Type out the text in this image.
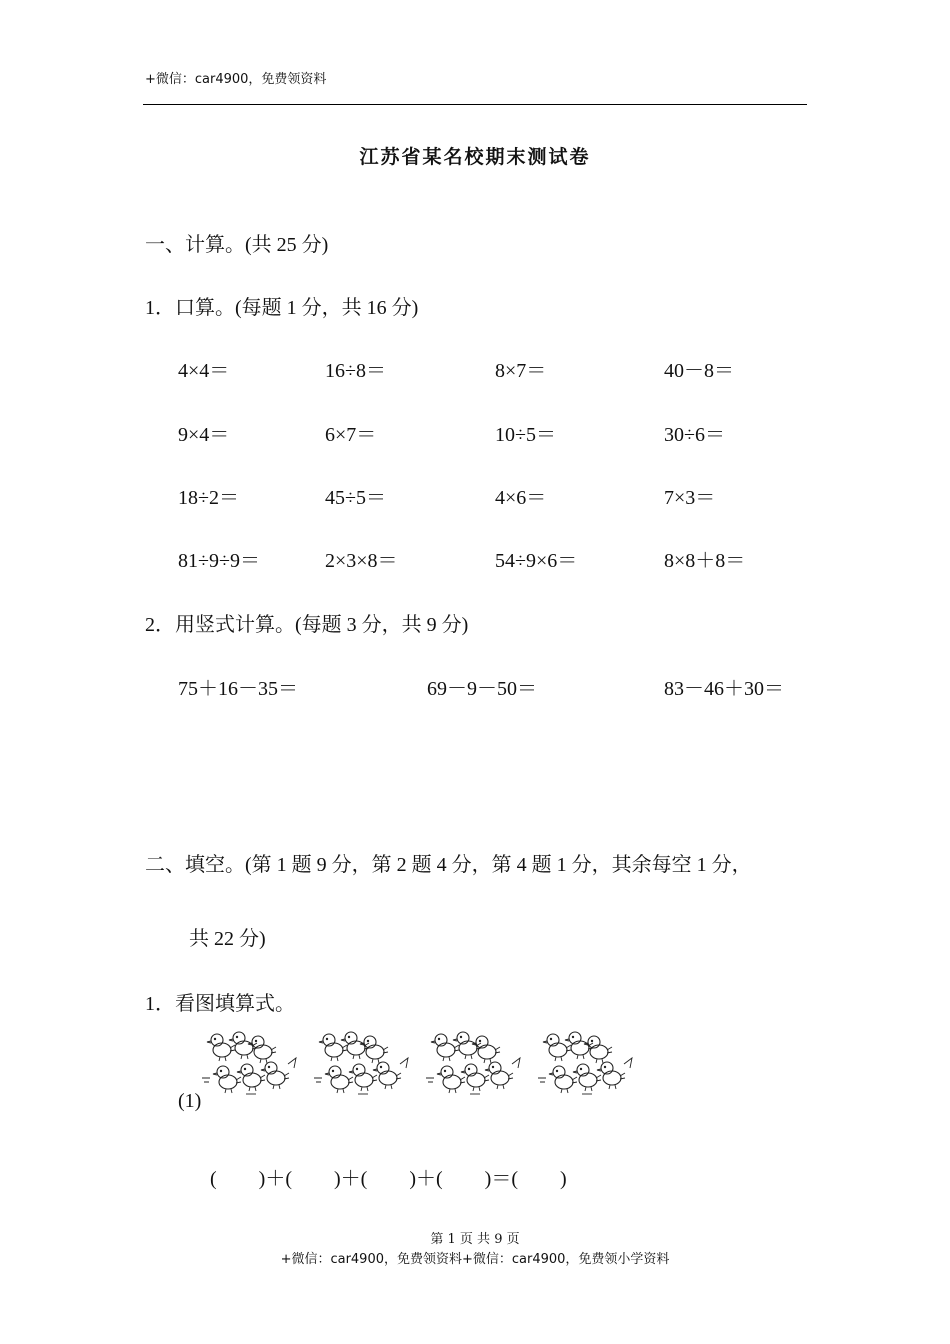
+微信：car4900，免费领资料
江苏省某名校期末测试卷
一、计算。(共 25 分)
1．口算。(每题 1 分，共 16 分)
4×4＝	16÷8＝	8×7＝	40－8＝
9×4＝	6×7＝	10÷5＝	30÷6＝
18÷2＝	45÷5＝	4×6＝	7×3＝
81÷9÷9＝	2×3×8＝	54÷9×6＝	8×8＋8＝
2．用竖式计算。(每题 3 分，共 9 分)
75＋16－35＝	69－9－50＝	83－46＋30＝
二、填空。(第 1 题 9 分，第 2 题 4 分，第 4 题 1 分，其余每空 1 分，
共 22 分)
1．看图填算式。
(1)
( )＋( )＋( )＋( )＝( )
第 1 页 共 9 页
+微信：car4900，免费领资料+微信：car4900，免费领小学资料
